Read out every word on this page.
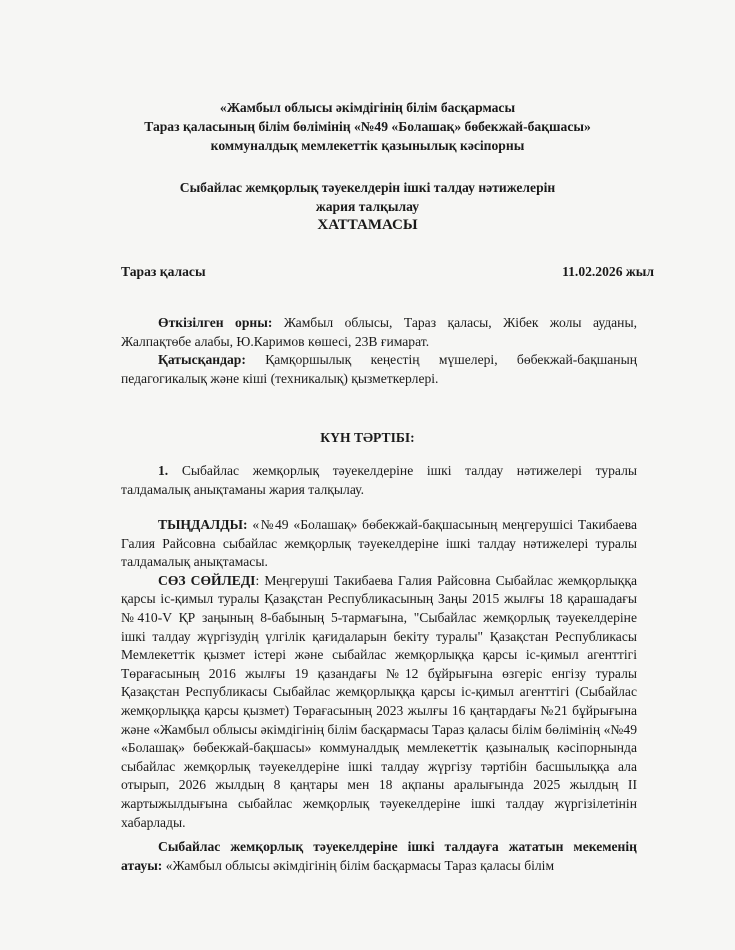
«Жамбыл облысы әкімдігінің білім басқармасы
Тараз қаласының білім бөлімінің «№49 «Болашақ» бөбекжай-бақшасы»
коммуналдық мемлекеттік қазынылық кәсіпорны
Сыбайлас жемқорлық тәуекелдерін ішкі талдау нәтижелерін
жария талқылау
ХАТТАМАСЫ
Тараз қаласы	11.02.2026 жыл

Өткізілген орны: Жамбыл облысы, Тараз қаласы, Жібек жолы ауданы, Жалпақтөбе алабы, Ю.Каримов көшесі, 23В ғимарат.

Қатысқандар: Қамқоршылық кеңестің мүшелері, бөбекжай-бақшаның педагогикалық және кіші (техникалық) қызметкерлері.

КҮН ТӘРТІБІ:

1. Сыбайлас жемқорлық тәуекелдеріне ішкі талдау нәтижелері туралы талдамалық анықтаманы жария талқылау.

ТЫҢДАЛДЫ: «№49 «Болашақ» бөбекжай-бақшасының меңгерушісі Такибаева Галия Райсовна сыбайлас жемқорлық тәуекелдеріне ішкі талдау нәтижелері туралы талдамалық анықтамасы.

СӨЗ СӨЙЛЕДІ: Меңгеруші Такибаева Галия Райсовна Сыбайлас жемқорлыққа қарсы іс-қимыл туралы Қазақстан Республикасының Заңы 2015 жылғы 18 қарашадағы №410-V ҚР заңының 8-бабының 5-тармағына, "Сыбайлас жемқорлық тәуекелдеріне ішкі талдау жүргізудің үлгілік қағидаларын бекіту туралы" Қазақстан Республикасы Мемлекеттік қызмет істері және сыбайлас жемқорлыққа қарсы іс-қимыл агенттігі Төрағасының 2016 жылғы 19 қазандағы №12 бұйрығына өзгеріс енгізу туралы Қазақстан Республикасы Сыбайлас жемқорлыққа қарсы іс-қимыл агенттігі (Сыбайлас жемқорлыққа қарсы қызмет) Төрағасының 2023 жылғы 16 қаңтардағы №21 бұйрығына және «Жамбыл облысы әкімдігінің білім басқармасы Тараз қаласы білім бөлімінің «№49 «Болашақ» бөбекжай-бақшасы» коммуналдық мемлекеттік қазыналық кәсіпорнында сыбайлас жемқорлық тәуекелдеріне ішкі талдау жүргізу тәртібін басшылыққа ала отырып, 2026 жылдың 8 қаңтары мен 18 ақпаны аралығында 2025 жылдың II жартыжылдығына сыбайлас жемқорлық тәуекелдеріне ішкі талдау жүргізілетінін хабарлады.

Сыбайлас жемқорлық тәуекелдеріне ішкі талдауға жататын мекеменің атауы: «Жамбыл облысы әкімдігінің білім басқармасы Тараз қаласы білім
